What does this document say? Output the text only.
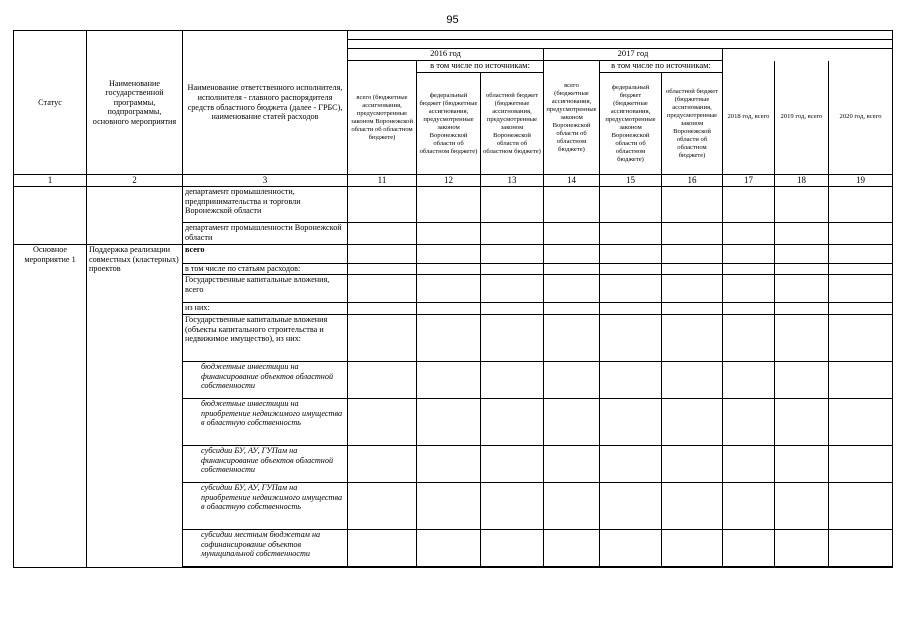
95
Статус	Наименование государственной программы, подпрограммы, основного мероприятия	Наименование ответственного исполнителя, исполнителя - главного распорядителя средств областного бюджета (далее - ГРБС), наименование статей расходов									

			2016 год			2017 год					
			всего (бюджетные ассигнования, предусмотренные законом Воронежской области об областном бюджете)	в том числе по источникам:		всего (бюджетные ассигнования, предусмотренные законом Воронежской области об областном бюджете)	в том числе по источникам:		2018 год, всего	2019 год, всего	2020 год, всего
				федеральный бюджет (бюджетные ассигнования, предусмотренные законом Воронежской области об областном бюджете)	областной бюджет (бюджетные ассигнования, предусмотренные законом Воронежской области об областном бюджете)		федеральный бюджет (бюджетные ассигнования, предусмотренные законом Воронежской области об областном бюджете)	областной бюджет (бюджетные ассигнования, предусмотренные законом Воронежской области об областном бюджете)			
1	2	3	11	12	13	14	15	16	17	18	19
		департамент промышленности, предпринимательства и торговли Воронежской области									
		департамент промышленности Воронежской области									
Основное мероприятие 1	Поддержка реализации совместных (кластерных) проектов	всего									
		в том числе по статьям расходов:									
		Государственные капитальные вложения, всего									
		из них:									
		Государственные капитальные вложения (объекты капитального строительства и недвижимое имущество), из них:									
		бюджетные инвестиции на финансирование объектов областной собственности									
		бюджетные инвестиции на приобретение недвижимого имущества в областную собственность									
		субсидии БУ, АУ, ГУПам на финансирование объектов областной собственности									
		субсидии БУ, АУ, ГУПам на приобретение недвижимого имущества в областную собственность									
		субсидии местным бюджетам на софинансирование объектов муниципальной собственности									
